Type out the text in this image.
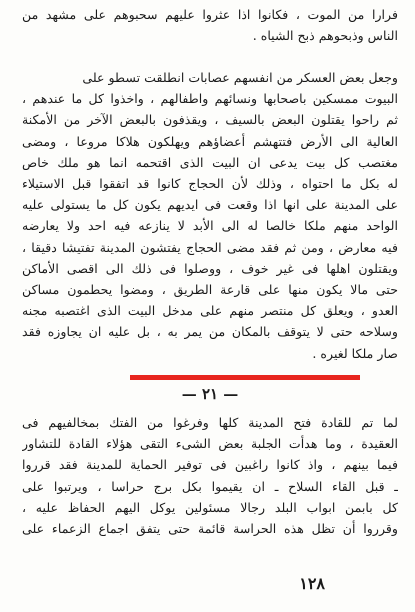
فرارا من الموت ، فكانوا اذا عثروا عليهم سحبوهم على مشهد من
الناس وذبحوهم ذبح الشياه .
وجعل بعض العسكر من انفسهم عصابات انطلقت تسطو على
البيوت ممسكين باصحابها ونسائهم واطفالهم ، واخذوا كل ما عندهم ،
ثم راحوا يقتلون البعض بالسيف ، ويقذفون بالبعض الآخر من الأمكنة
العالية الى الأرض فتتهشم أعضاؤهم ويهلكون هلاكا مروعا ، ومضى
مغتصب كل بيت يدعى ان البيت الذى اقتحمه انما هو ملك خاص
له بكل ما احتواه ، وذلك لأن الحجاج كانوا قد اتفقوا قبل الاستيلاء
على المدينة على انها اذا وقعت فى ايديهم يكون كل ما يستولى عليه
الواحد منهم ملكا خالصا له الى الأبد لا ينازعه فيه احد ولا يعارضه
فيه معارض ، ومن ثم فقد مضى الحجاج يفتشون المدينة تفتيشا دقيقا ،
ويقتلون اهلها فى غير خوف ، ووصلوا فى ذلك الى اقصى الأماكن
حتى مالا يكون منها على قارعة الطريق ، ومضوا يحطمون مساكن
العدو ، ويعلق كل منتصر منهم على مدخل البيت الذى اغتصبه مجنه
وسلاحه حتى لا يتوقف بالمكان من يمر به ، بل عليه ان يجاوزه فقد
صار ملكا لغيره .
— ٢١ —
لما تم للقادة فتح المدينة كلها وفرغوا من الفتك بمخالفيهم فى
العقيدة ، وما هدأت الجلبة بعض الشىء التقى هؤلاء القادة للتشاور
فيما بينهم ، واذ كانوا راغبين فى توفير الحماية للمدينة فقد قرروا
ـ قبل القاء السلاح ـ ان يقيموا بكل برج حراسا ، ويرتبوا على
كل بابمن ابواب البلد رجالا مسئولين يوكل اليهم الحفاظ عليه ،
وقرروا أن تظل هذه الحراسة قائمة حتى يتفق اجماع الزعماء على
١٢٨
